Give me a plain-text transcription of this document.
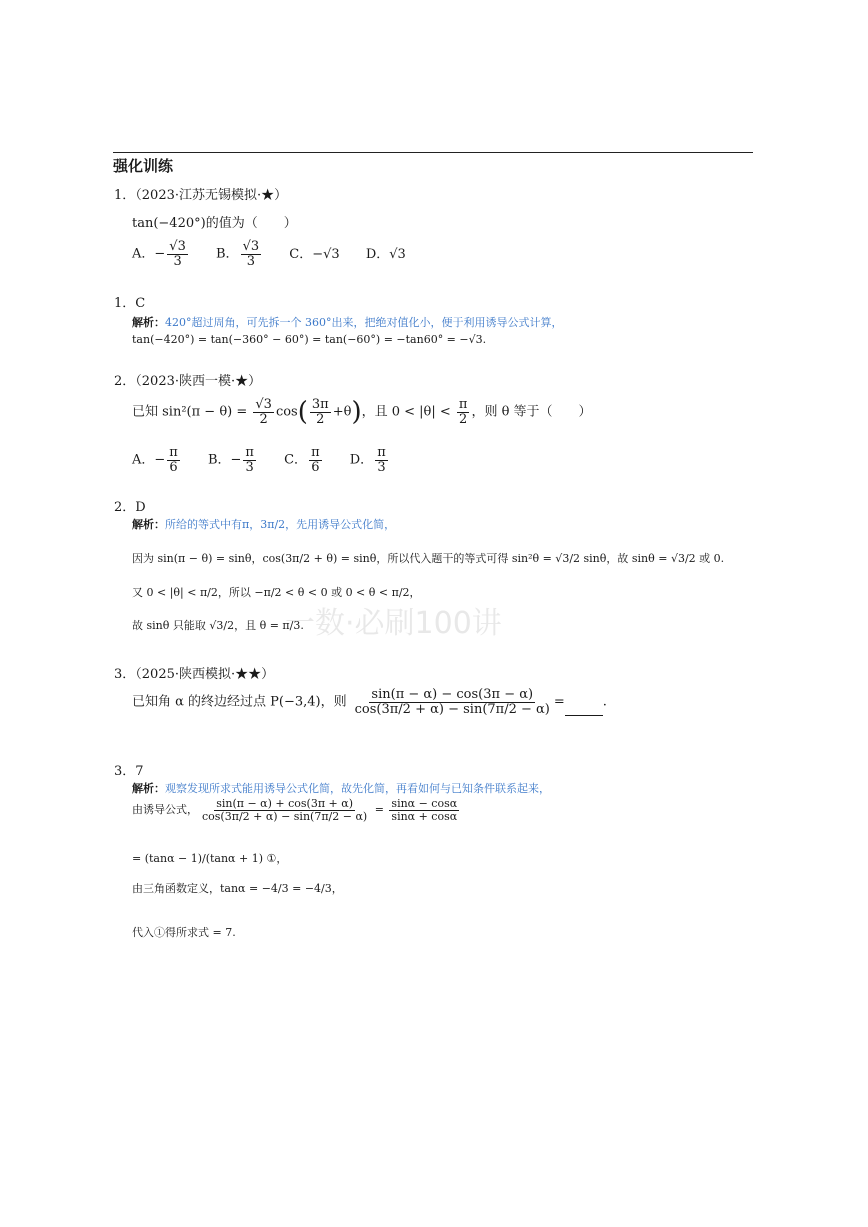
强化训练
1．（2023·江苏无锡模拟·★）
tan(−420°)的值为（　　）
A．− $\frac{√3}{3}$ B． $\frac{√3}{3}$ C．−√3 D．√3
1．C
解析：420°超过周角，可先拆一个 360°出来，把绝对值化小，便于利用诱导公式计算，
tan(−420°) = tan(−360° − 60°) = tan(−60°) = −tan60° = −√3.
2．（2023·陕西一模·★）
已知 $\sin^2(\pi - \theta) = \frac{√3}{2} \cos( \frac{3\pi}{2} +\theta)$，且 $0 < |\theta| < \frac{\pi}{2}$ ，则 θ 等于（　　）
A．− $\frac{\pi}{6}$ B．− $\frac{\pi}{3}$ C． $\frac{\pi}{6}$ D． $\frac{\pi}{3}$
2．D
解析：所给的等式中有π，3π/2，先用诱导公式化简，
因为 sin(π − θ) = sinθ，cos(3π/2 + θ) = sinθ，所以代入题干的等式可得 sin²θ = √3/2 sinθ，故 sinθ = √3/2 或 0.
又 0 < |θ| < π/2，所以 −π/2 < θ < 0 或 0 < θ < π/2，
故 sinθ 只能取 √3/2，且 θ = π/3.
一数·必刷100讲
3．（2025·陕西模拟·★★）
已知角 α 的终边经过点 P(−3,4)，则 $\frac{\sin(\pi - \alpha) - \cos(3\pi - \alpha)}{\cos(3\pi/2 + \alpha) - \sin(7\pi/2 - \alpha)}$ =	.
3．7
解析：观察发现所求式能用诱导公式化简，故先化简，再看如何与已知条件联系起来，
由诱导公式， $\frac{\sin(\pi - \alpha) + \cos(3\pi + \alpha)}{\cos(3\pi/2 + \alpha) - \sin(7\pi/2 - \alpha)} = \frac{\sin\alpha - \cos\alpha}{\sin\alpha + \cos\alpha}$
= (tanα − 1)/(tanα + 1) ①，
由三角函数定义，tanα = −4/3 = −4/3，
代入①得所求式 = 7.
